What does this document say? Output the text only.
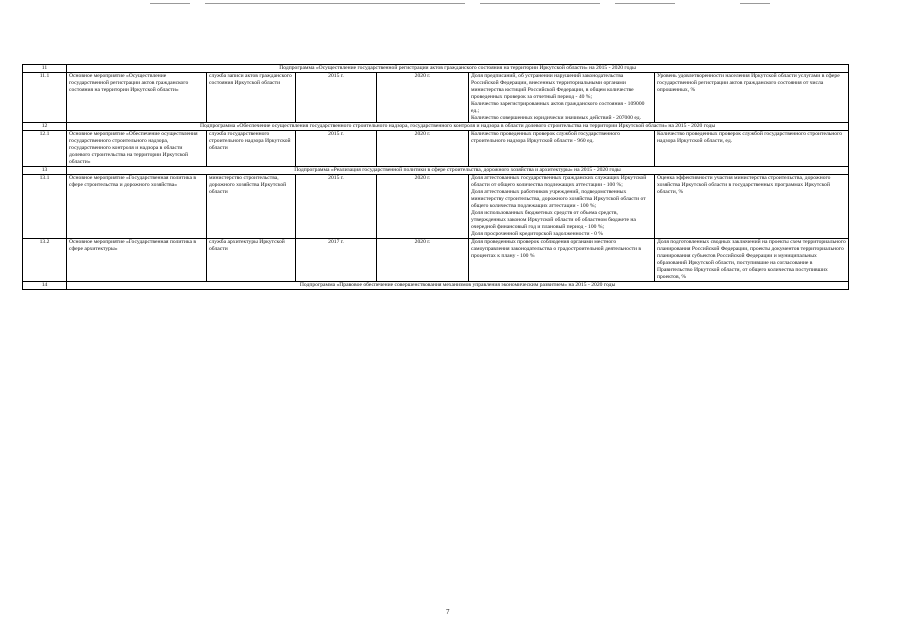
11	Подпрограмма «Осуществление государственной регистрации актов гражданского состояния на территории Иркутской области» на 2015 - 2020 годы					
11.1	Основное мероприятие «Осуществление государственной регистрации актов гражданского состояния на территории Иркутской области»	служба записи актов гражданского состояния Иркутской области	2015 г.	2020 г.	Доля предписаний, об устранении нарушений законодательства Российской Федерации, внесенных территориальными органами министерства юстиций Российской Федерации, в общем количестве проведенных проверок за отчетный период - 40 %;
Количество зарегистрированных актов гражданского состояния - 109000 ед.;
Количество совершенных юридически значимых действий - 207000 ед.	Уровень удовлетворенности населения Иркутской области услугами в сфере государственной регистрации актов гражданского состояния от числа опрошенных, %
12	Подпрограмма «Обеспечение осуществления государственного строительного надзора, государственного контроля и надзора в области долевого строительства на территории Иркутской области» на 2015 - 2020 годы					
12.1	Основное мероприятие «Обеспечение осуществления государственного строительного надзора, государственного контроля и надзора в области долевого строительства на территории Иркутской области»	служба государственного строительного надзора Иркутской области	2015 г.	2020 г.	Количество проведенных проверок службой государственного строительного надзора Иркутской области - 960 ед.	Количество проведенных проверок службой государственного строительного надзора Иркутской области, ед.
13	Подпрограмма «Реализация государственной политики в сфере строительства, дорожного хозяйства и архитектуры» на 2015 - 2020 годы					
13.1	Основное мероприятие «Государственная политика в сфере строительства и дорожного хозяйства»	министерство строительства, дорожного хозяйства Иркутской области	2015 г.	2020 г.	Доля аттестованных государственных гражданских служащих Иркутской области от общего количества подлежащих аттестации - 100 %;
Доля аттестованных работников учреждений, подведомственных министерству строительства, дорожного хозяйства Иркутской области от общего количества подлежащих аттестации - 100 %;
Доля использованных бюджетных средств от объема средств, утвержденных законом Иркутской области об областном бюджете на очередной финансовый год и плановый период - 100 %;
Доля просроченной кредиторской задолженности - 0 %	Оценка эффективности участия министерства строительства, дорожного хозяйства Иркутской области в государственных программах Иркутской области, %
13.2	Основное мероприятие «Государственная политика в сфере архитектуры»	служба архитектуры Иркутской области	2017 г.	2020 г.	Доля проведенных проверок соблюдения органами местного самоуправления законодательства о градостроительной деятельности в процентах к плану - 100 %	Доля подготовленных сводных заключений на проекты схем территориального планирования Российской Федерации, проекты документов территориального планирования субъектов Российской Федерации и муниципальных образований Иркутской области, поступившие на согласование в Правительство Иркутской области, от общего количества поступивших проектов, %
14	Подпрограмма «Правовое обеспечение совершенствования механизмов управления экономическим развитием» на 2015 - 2020 годы					
7
